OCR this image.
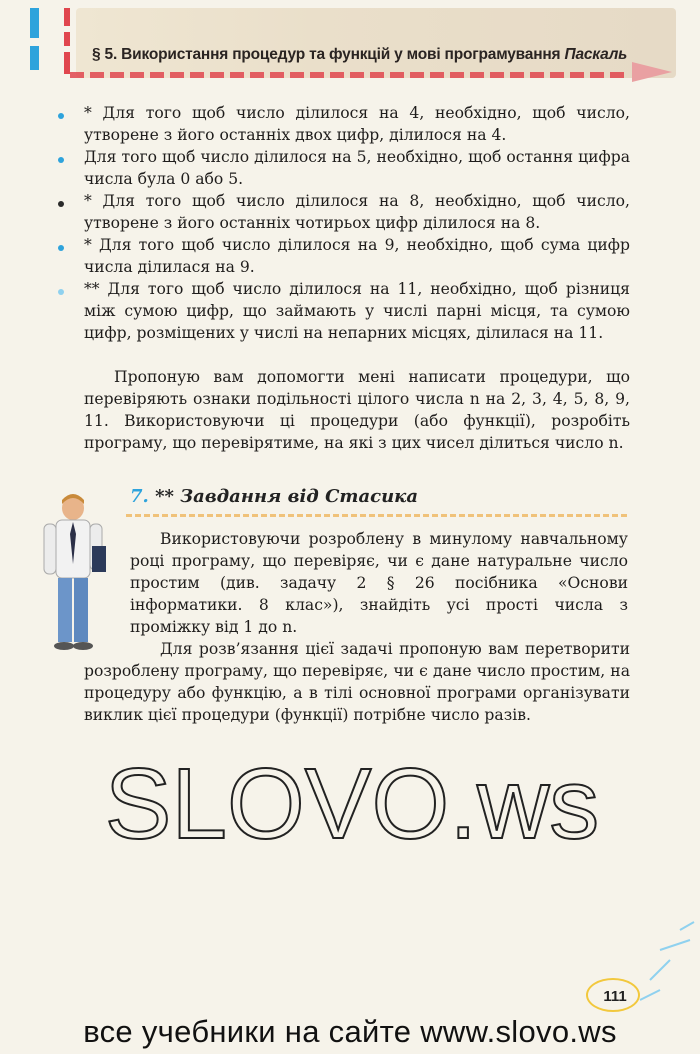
§ 5. Використання процедур та функцій у мові програмування Паскаль
* Для того щоб число ділилося на 4, необхідно, щоб число, утворене з його останніх двох цифр, ділилося на 4.
Для того щоб число ділилося на 5, необхідно, щоб остання цифра числа була 0 або 5.
* Для того щоб число ділилося на 8, необхідно, щоб число, утворене з його останніх чотирьох цифр ділилося на 8.
* Для того щоб число ділилося на 9, необхідно, щоб сума цифр числа ділилася на 9.
** Для того щоб число ділилося на 11, необхідно, щоб різниця між сумою цифр, що займають у числі парні місця, та сумою цифр, розміщених у числі на непарних місцях, ділилася на 11.
Пропоную вам допомогти мені написати процедури, що перевіряють ознаки подільності цілого числа n на 2, 3, 4, 5, 8, 9, 11. Використовуючи ці процедури (або функції), розробіть програму, що перевірятиме, на які з цих чисел ділиться число n.
7. ** Завдання від Стасика
Використовуючи розроблену в минулому навчальному році програму, що перевіряє, чи є дане натуральне число простим (див. задачу 2 § 26 посібника «Основи інформатики. 8 клас»), знайдіть усі прості числа з проміжку від 1 до n.
Для розв’язання цієї задачі пропоную вам перетворити розроблену програму, що перевіряє, чи є дане число простим, на процедуру або функцію, а в тілі основної програми організувати виклик цієї процедури (функції) потрібне число разів.
SLOVO.ws
111
все учебники на сайте www.slovo.ws
